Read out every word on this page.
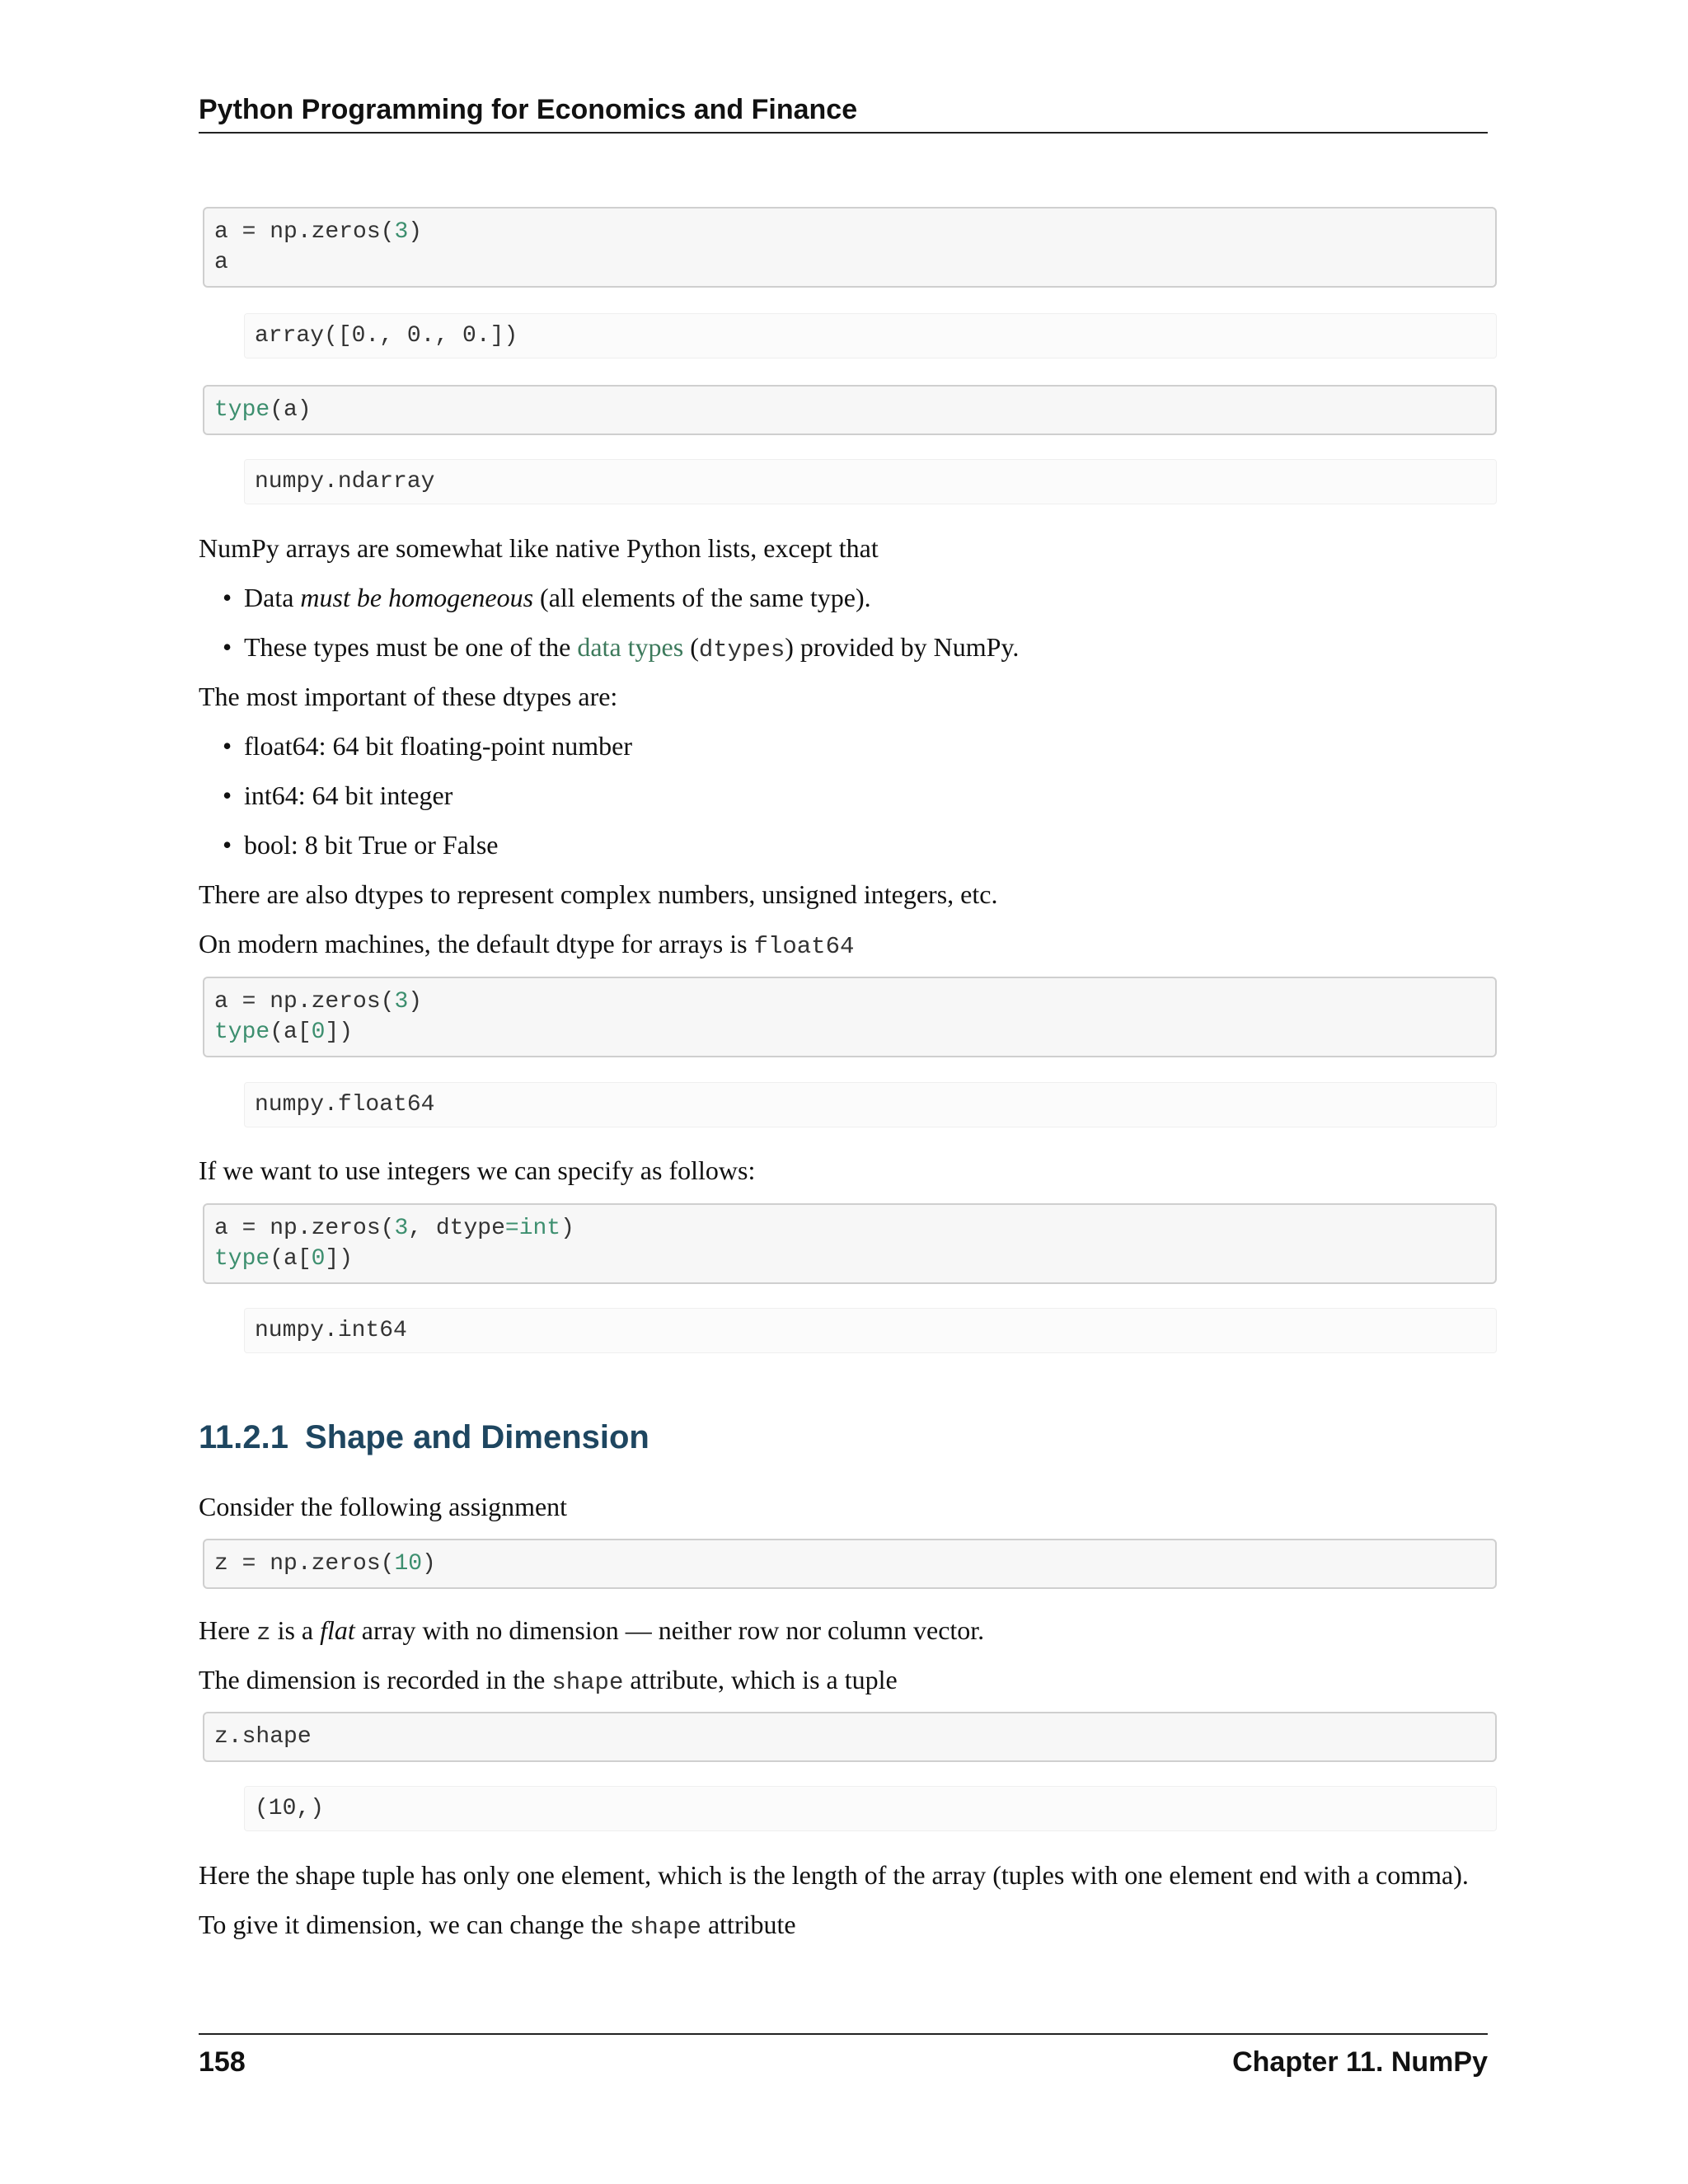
Python Programming for Economics and Finance
a = np.zeros(3)
a
array([0., 0., 0.])
type(a)
numpy.ndarray
NumPy arrays are somewhat like native Python lists, except that
• Data must be homogeneous (all elements of the same type).
• These types must be one of the data types (dtypes) provided by NumPy.
The most important of these dtypes are:
• float64: 64 bit floating-point number
• int64: 64 bit integer
• bool: 8 bit True or False
There are also dtypes to represent complex numbers, unsigned integers, etc.
On modern machines, the default dtype for arrays is float64
a = np.zeros(3)
type(a[0])
numpy.float64
If we want to use integers we can specify as follows:
a = np.zeros(3, dtype=int)
type(a[0])
numpy.int64
11.2.1 Shape and Dimension
Consider the following assignment
z = np.zeros(10)
Here z is a flat array with no dimension — neither row nor column vector.
The dimension is recorded in the shape attribute, which is a tuple
z.shape
(10,)
Here the shape tuple has only one element, which is the length of the array (tuples with one element end with a comma).
To give it dimension, we can change the shape attribute
158	Chapter 11. NumPy
